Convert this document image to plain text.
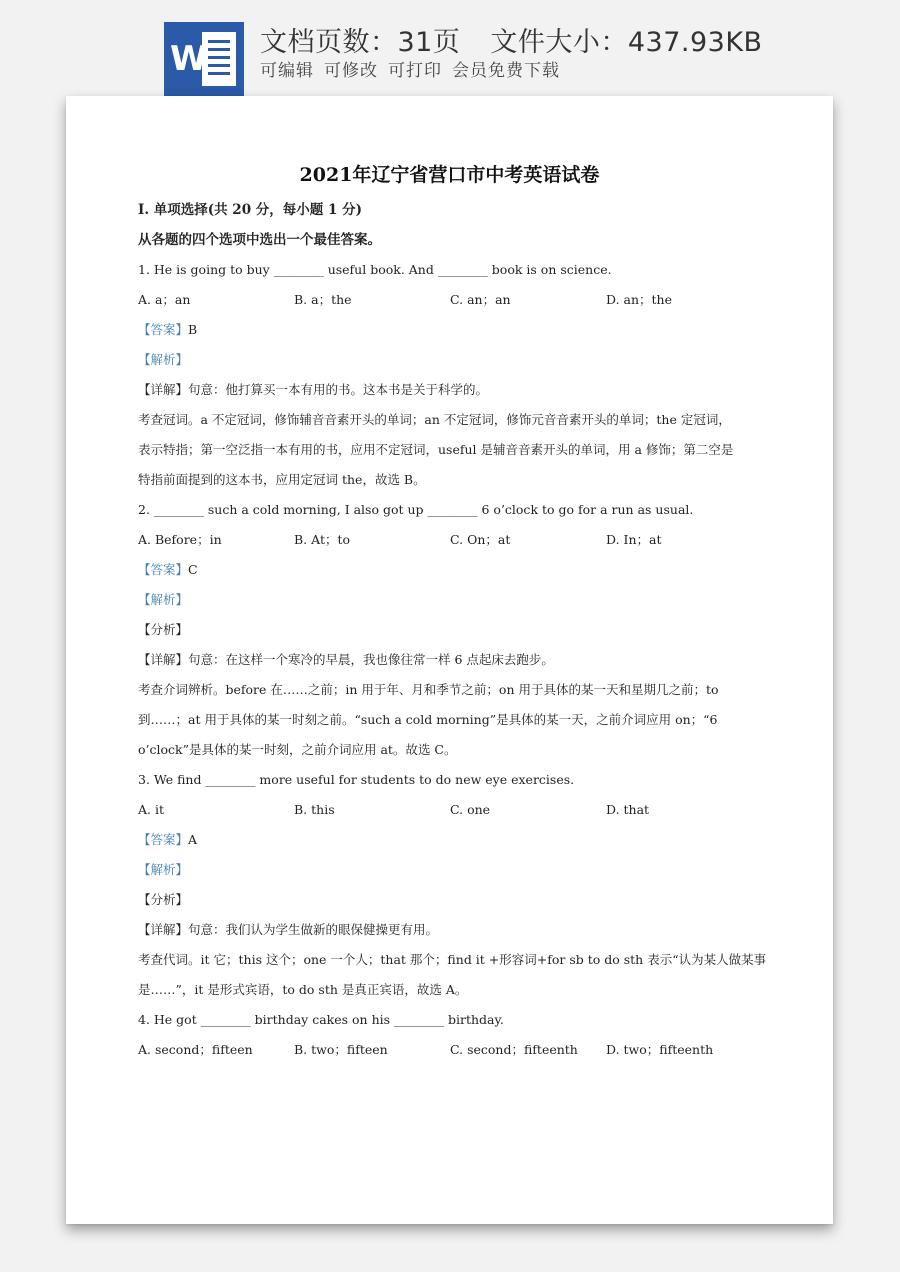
W 文档页数：31页 文件大小：437.93KB
可编辑 可修改 可打印 会员免费下载
2021年辽宁省营口市中考英语试卷
Ⅰ. 单项选择(共 20 分，每小题 1 分)
从各题的四个选项中选出一个最佳答案。
1. He is going to buy ________ useful book. And ________ book is on science.
A. a；an	B. a；the	C. an；an	D. an；the
【答案】B
【解析】
【详解】句意：他打算买一本有用的书。这本书是关于科学的。
考查冠词。a 不定冠词，修饰辅音音素开头的单词；an 不定冠词，修饰元音音素开头的单词；the 定冠词，
表示特指；第一空泛指一本有用的书，应用不定冠词，useful 是辅音音素开头的单词，用 a 修饰；第二空是
特指前面提到的这本书，应用定冠词 the，故选 B。
2. ________ such a cold morning, I also got up ________ 6 o’clock to go for a run as usual.
A. Before；in	B. At；to	C. On；at	D. In；at
【答案】C
【解析】
【分析】
【详解】句意：在这样一个寒冷的早晨，我也像往常一样 6 点起床去跑步。
考查介词辨析。before 在……之前；in 用于年、月和季节之前；on 用于具体的某一天和星期几之前；to
到……；at 用于具体的某一时刻之前。“such a cold morning”是具体的某一天，之前介词应用 on；“6
o’clock”是具体的某一时刻，之前介词应用 at。故选 C。
3. We find ________ more useful for students to do new eye exercises.
A. it	B. this	C. one	D. that
【答案】A
【解析】
【分析】
【详解】句意：我们认为学生做新的眼保健操更有用。
考查代词。it 它；this 这个；one 一个人；that 那个；find it +形容词+for sb to do sth 表示“认为某人做某事
是……”，it 是形式宾语，to do sth 是真正宾语，故选 A。
4. He got ________ birthday cakes on his ________ birthday.
A. second；fifteen	B. two；fifteen	C. second；fifteenth D. two；fifteenth
